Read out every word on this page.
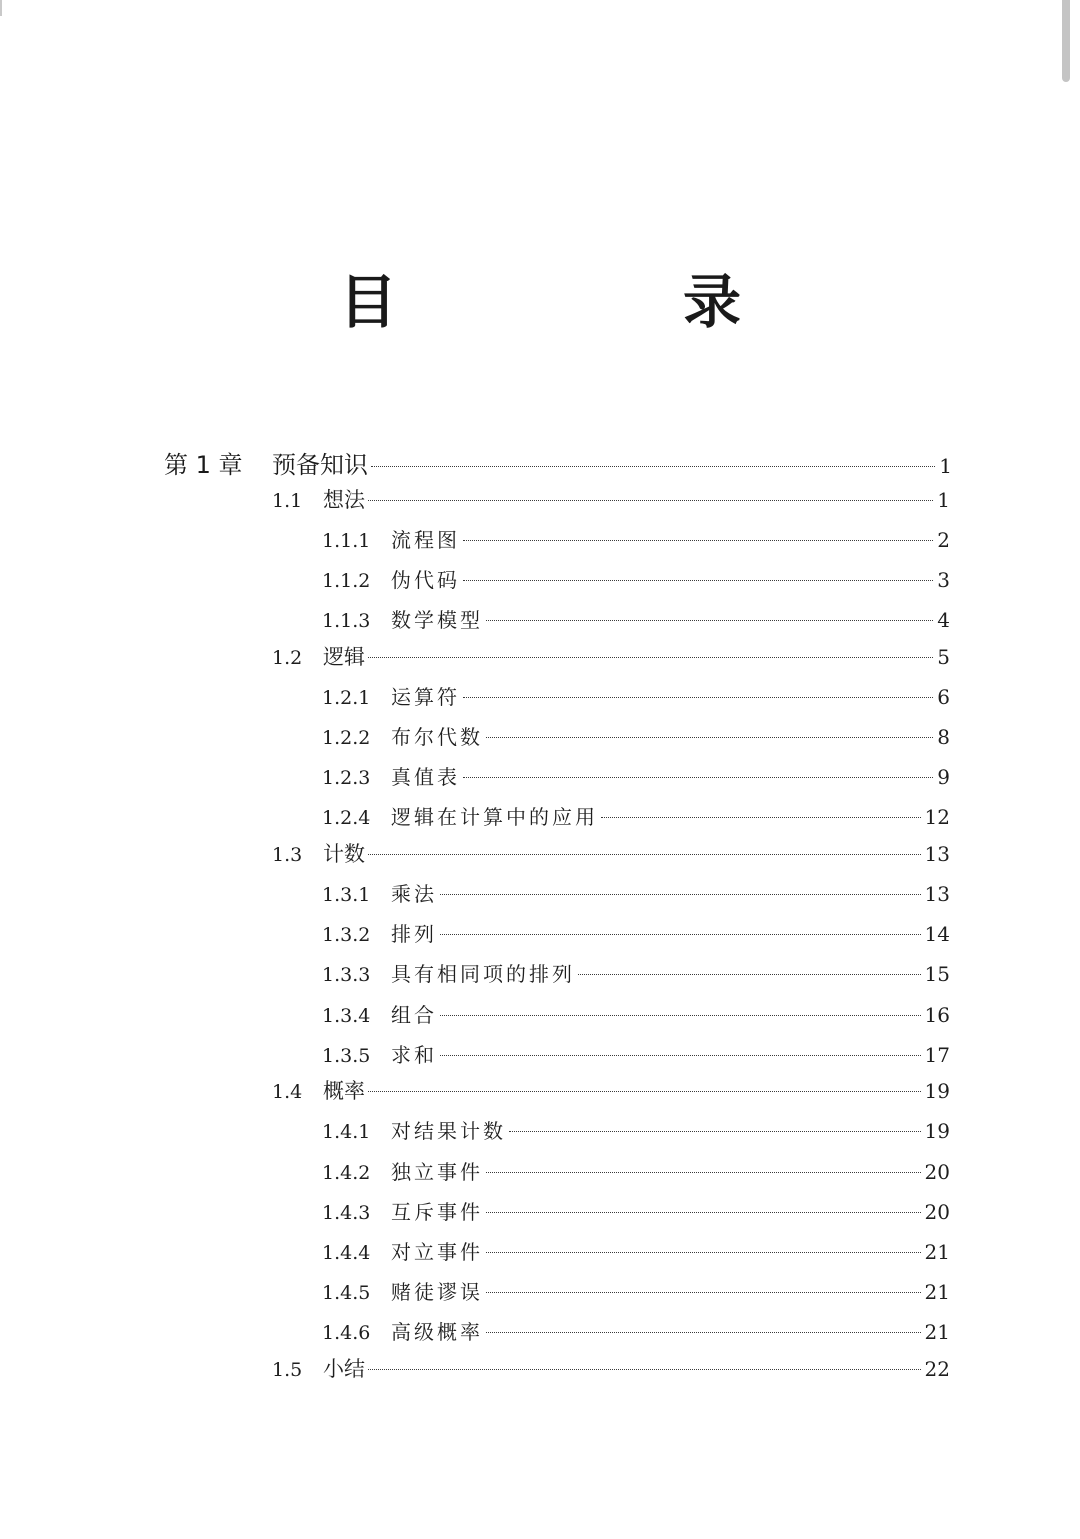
目　录
第 1 章	预备知识	1
1.1 想法	1
1.1.1	流程图	2
1.1.2	伪代码	3
1.1.3	数学模型	4
1.2 逻辑	5
1.2.1	运算符	6
1.2.2	布尔代数	8
1.2.3	真值表	9
1.2.4	逻辑在计算中的应用	12
1.3 计数	13
1.3.1	乘法	13
1.3.2	排列	14
1.3.3	具有相同项的排列	15
1.3.4	组合	16
1.3.5	求和	17
1.4 概率	19
1.4.1	对结果计数	19
1.4.2	独立事件	20
1.4.3	互斥事件	20
1.4.4	对立事件	21
1.4.5	赌徒谬误	21
1.4.6	高级概率	21
1.5 小结	22
